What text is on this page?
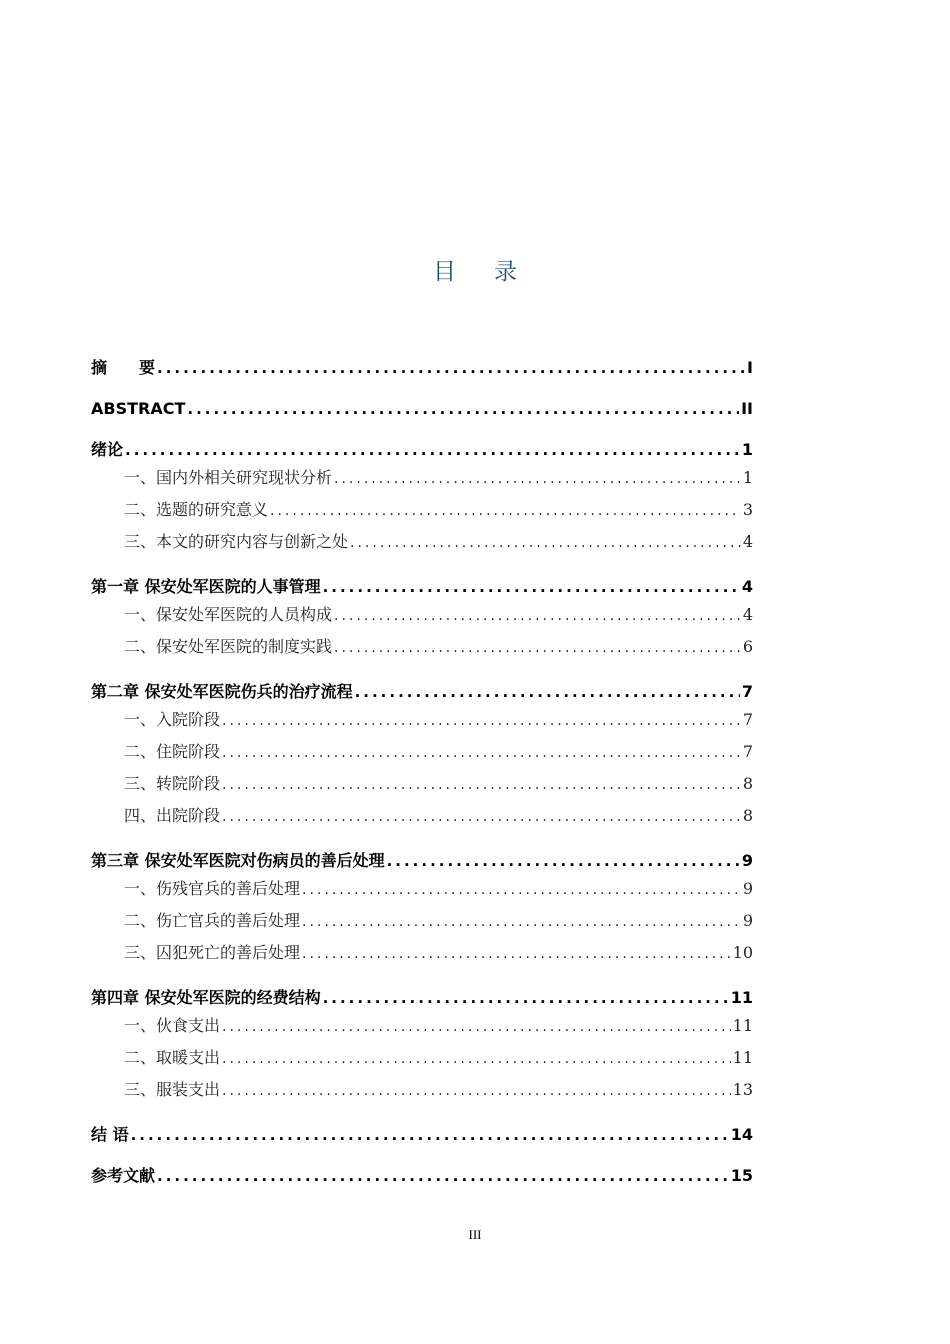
目录
摘　　要 .....	I
ABSTRACT .....	II
绪论 .....	1
一、国内外相关研究现状分析 .....	1
二、选题的研究意义 .....	3
三、本文的研究内容与创新之处 .....	4
第一章 保安处军医院的人事管理 .....	4
一、保安处军医院的人员构成 .....	4
二、保安处军医院的制度实践 .....	6
第二章 保安处军医院伤兵的治疗流程 .....	7
一、入院阶段 .....	7
二、住院阶段 .....	7
三、转院阶段 .....	8
四、出院阶段 .....	8
第三章 保安处军医院对伤病员的善后处理 .....	9
一、伤残官兵的善后处理 .....	9
二、伤亡官兵的善后处理 .....	9
三、囚犯死亡的善后处理 .....	10
第四章 保安处军医院的经费结构 .....	11
一、伙食支出 .....	11
二、取暖支出 .....	11
三、服装支出 .....	13
结 语 .....	14
参考文献 .....	15
III
